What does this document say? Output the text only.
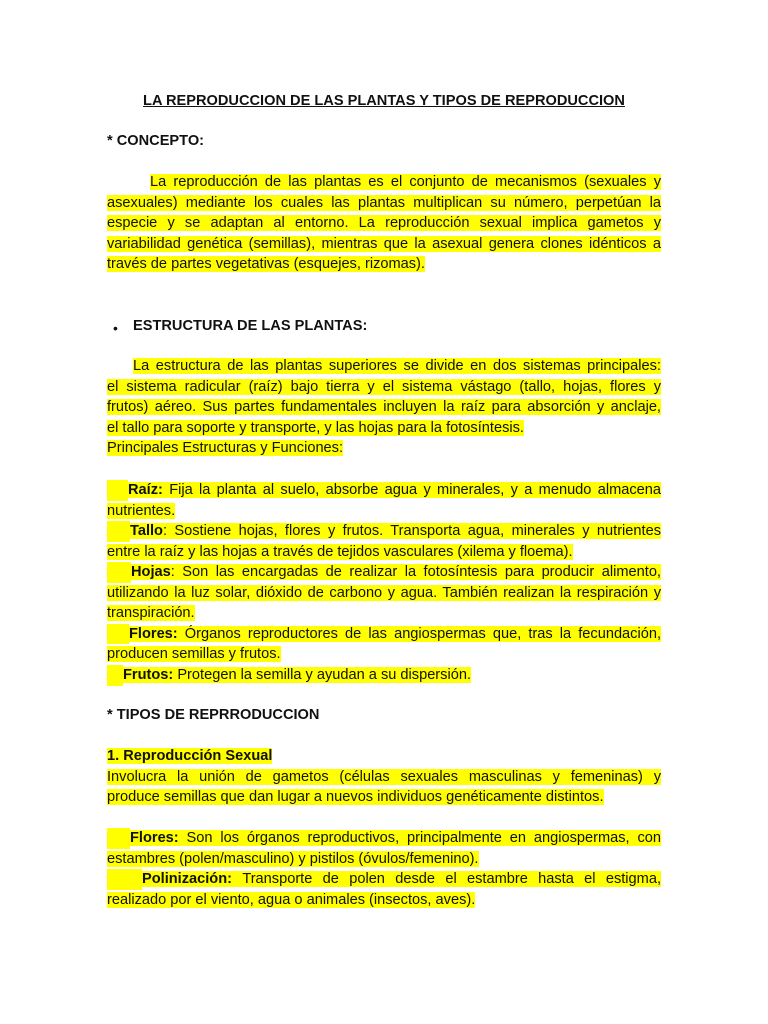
LA REPRODUCCION DE LAS PLANTAS Y TIPOS DE REPRODUCCION

* CONCEPTO:

La reproducción de las plantas es el conjunto de mecanismos (sexuales y

asexuales) mediante los cuales las plantas multiplican su número, perpetúan la

especie y se adaptan al entorno. La reproducción sexual implica gametos y

variabilidad genética (semillas), mientras que la asexual genera clones idénticos a

través de partes vegetativas (esquejes, rizomas).

• ESTRUCTURA DE LAS PLANTAS:

La estructura de las plantas superiores se divide en dos sistemas principales:

el sistema radicular (raíz) bajo tierra y el sistema vástago (tallo, hojas, flores y

frutos) aéreo. Sus partes fundamentales incluyen la raíz para absorción y anclaje,

el tallo para soporte y transporte, y las hojas para la fotosíntesis.

Principales Estructuras y Funciones:

Raíz: Fija la planta al suelo, absorbe agua y minerales, y a menudo almacena

nutrientes.

Tallo: Sostiene hojas, flores y frutos. Transporta agua, minerales y nutrientes

entre la raíz y las hojas a través de tejidos vasculares (xilema y floema).

Hojas: Son las encargadas de realizar la fotosíntesis para producir alimento,

utilizando la luz solar, dióxido de carbono y agua. También realizan la respiración y

transpiración.

Flores: Órganos reproductores de las angiospermas que, tras la fecundación,

producen semillas y frutos.

Frutos: Protegen la semilla y ayudan a su dispersión.

* TIPOS DE REPRRODUCCION

1. Reproducción Sexual

Involucra la unión de gametos (células sexuales masculinas y femeninas) y

produce semillas que dan lugar a nuevos individuos genéticamente distintos.

Flores: Son los órganos reproductivos, principalmente en angiospermas, con

estambres (polen/masculino) y pistilos (óvulos/femenino).

Polinización: Transporte de polen desde el estambre hasta el estigma,

realizado por el viento, agua o animales (insectos, aves).
